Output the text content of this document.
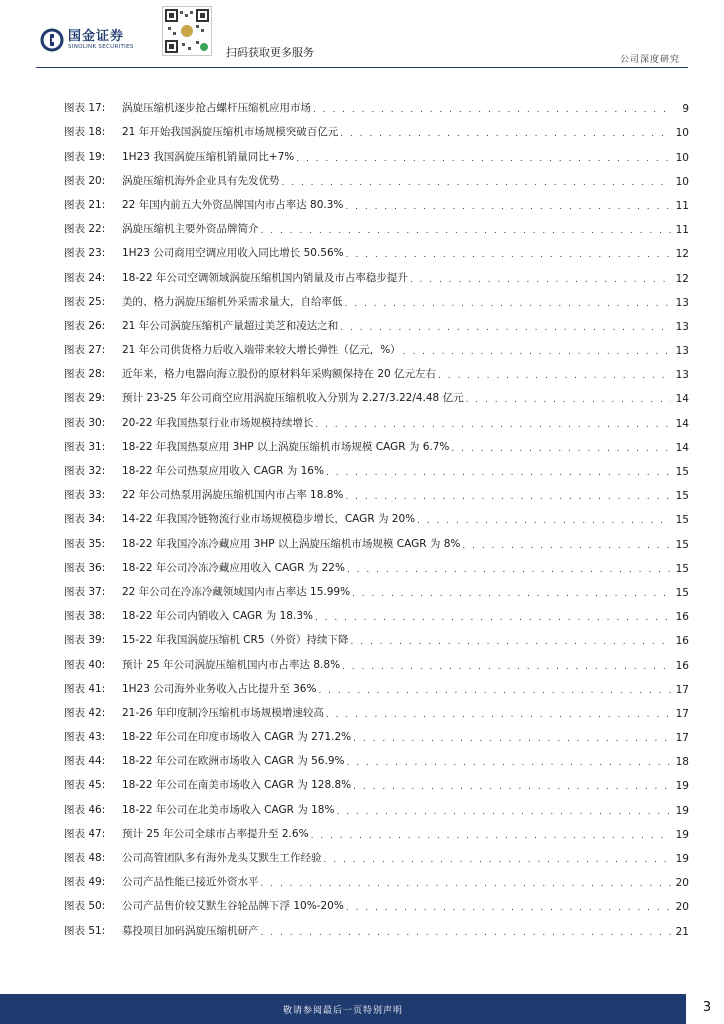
国金证券
SINOLINK SECURITIES	扫码获取更多服务
公司深度研究
图表 17:	涡旋压缩机逐步抢占螺杆压缩机应用市场 . . .	9
图表 18:	21 年开始我国涡旋压缩机市场规模突破百亿元 . . .	10
图表 19:	1H23 我国涡旋压缩机销量同比+7% . . .	10
图表 20:	涡旋压缩机海外企业具有先发优势 . . .	10
图表 21:	22 年国内前五大外资品牌国内市占率达 80.3% . . .	11
图表 22:	涡旋压缩机主要外资品牌简介 . . .	11
图表 23:	1H23 公司商用空调应用收入同比增长 50.56% . . .	12
图表 24:	18-22 年公司空调领域涡旋压缩机国内销量及市占率稳步提升 . . .	12
图表 25:	美的、格力涡旋压缩机外采需求量大，自给率低 . . .	13
图表 26:	21 年公司涡旋压缩机产量超过美芝和凌达之和 . . .	13
图表 27:	21 年公司供货格力后收入端带来较大增长弹性（亿元，%） . . .	13
图表 28:	近年来，格力电器向海立股份的原材料年采购额保持在 20 亿元左右 . . .	13
图表 29:	预计 23-25 年公司商空应用涡旋压缩机收入分别为 2.27/3.22/4.48 亿元 . . .	14
图表 30:	20-22 年我国热泵行业市场规模持续增长 . . .	14
图表 31:	18-22 年我国热泵应用 3HP 以上涡旋压缩机市场规模 CAGR 为 6.7% . . .	14
图表 32:	18-22 年公司热泵应用收入 CAGR 为 16% . . .	15
图表 33:	22 年公司热泵用涡旋压缩机国内市占率 18.8% . . .	15
图表 34:	14-22 年我国冷链物流行业市场规模稳步增长，CAGR 为 20% . . .	15
图表 35:	18-22 年我国冷冻冷藏应用 3HP 以上涡旋压缩机市场规模 CAGR 为 8% . . .	15
图表 36:	18-22 年公司冷冻冷藏应用收入 CAGR 为 22% . . .	15
图表 37:	22 年公司在冷冻冷藏领域国内市占率达 15.99% . . .	15
图表 38:	18-22 年公司内销收入 CAGR 为 18.3% . . .	16
图表 39:	15-22 年我国涡旋压缩机 CR5（外资）持续下降 . . .	16
图表 40:	预计 25 年公司涡旋压缩机国内市占率达 8.8% . . .	16
图表 41:	1H23 公司海外业务收入占比提升至 36% . . .	17
图表 42:	21-26 年印度制冷压缩机市场规模增速较高 . . .	17
图表 43:	18-22 年公司在印度市场收入 CAGR 为 271.2% . . .	17
图表 44:	18-22 年公司在欧洲市场收入 CAGR 为 56.9% . . .	18
图表 45:	18-22 年公司在南美市场收入 CAGR 为 128.8% . . .	19
图表 46:	18-22 年公司在北美市场收入 CAGR 为 18% . . .	19
图表 47:	预计 25 年公司全球市占率提升至 2.6% . . .	19
图表 48:	公司高管团队多有海外龙头艾默生工作经验 . . .	19
图表 49:	公司产品性能已接近外资水平 . . .	20
图表 50:	公司产品售价较艾默生谷轮品牌下浮 10%-20% . . .	20
图表 51:	募投项目加码涡旋压缩机研产 . . .	21
敬请参阅最后一页特别声明	3
